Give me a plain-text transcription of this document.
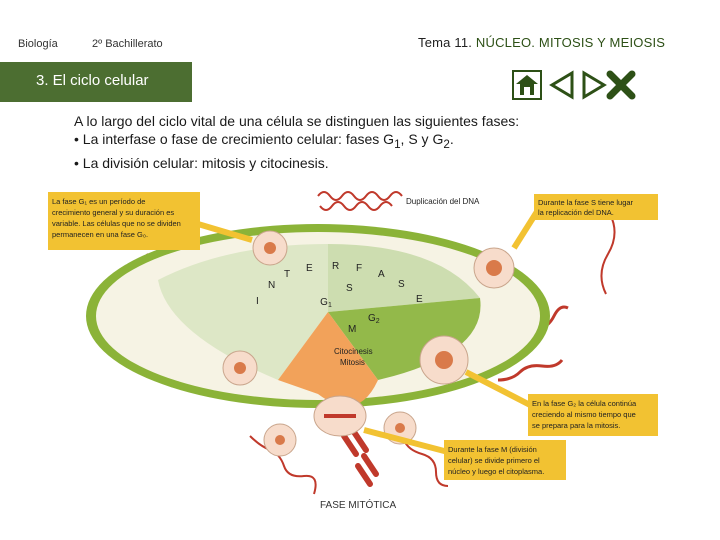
Biología	2º Bachillerato	Tema 11. NÚCLEO. MITOSIS Y MEIOSIS
3. El ciclo celular
A lo largo del ciclo vital de una célula se distinguen las siguientes fases:
• La interfase o fase de crecimiento celular: fases $G_1$, S y $G_2$.
• La división celular: mitosis y citocinesis.
$G_1$
S
$G_2$
M
Citocinesis
Mitosis
I
N
T
E R F
A
S
E
La fase G₁ es un período de crecimiento general y su duración es variable. Las células que no se dividen permanecen en una fase G₀.
Durante la fase S tiene lugar la replicación del DNA.
En la fase G₂ la célula continúa creciendo al mismo tiempo que se prepara para la mitosis.
Durante la fase M (división celular) se divide primero el núcleo y luego el citoplasma.
Duplicación del DNA
FASE MITÓTICA
